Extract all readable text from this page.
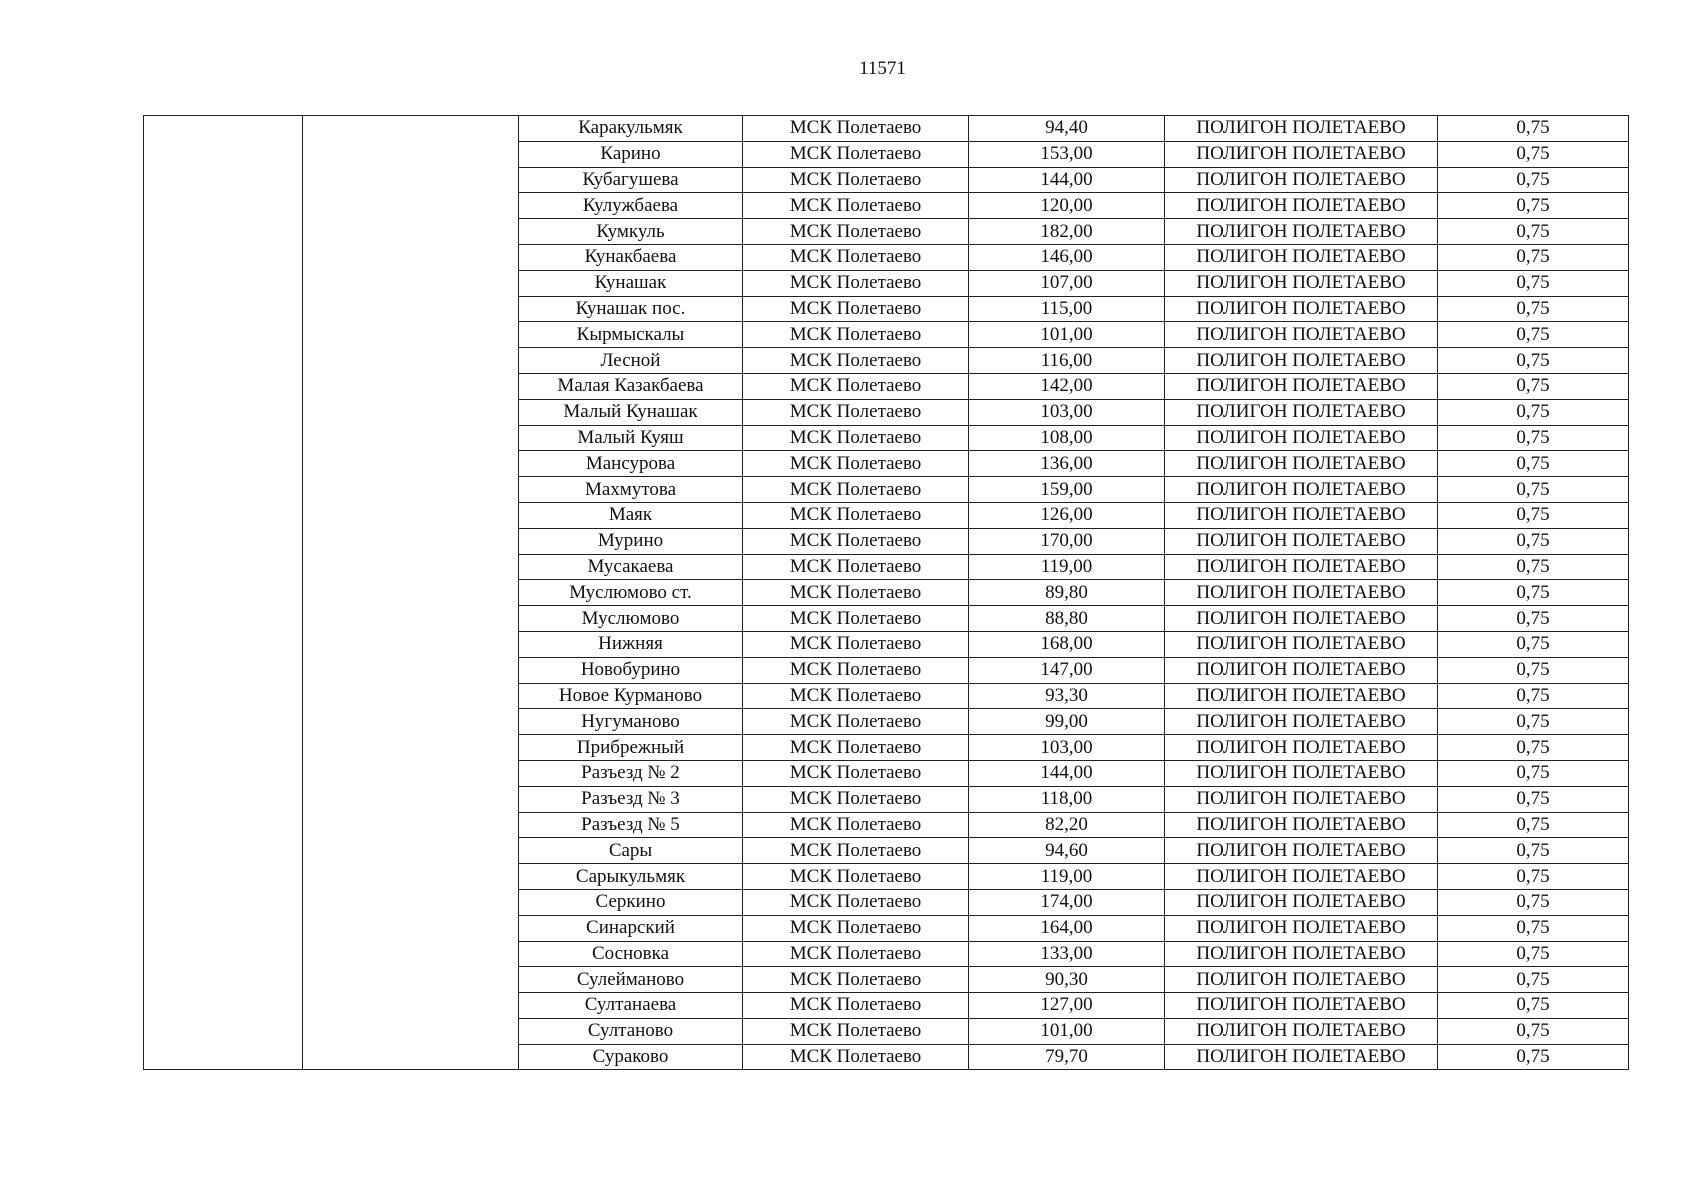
11571
		Каракульмяк	МСК Полетаево	94,40	ПОЛИГОН ПОЛЕТАЕВО	0,75
		Карино	МСК Полетаево	153,00	ПОЛИГОН ПОЛЕТАЕВО	0,75
		Кубагушева	МСК Полетаево	144,00	ПОЛИГОН ПОЛЕТАЕВО	0,75
		Кулужбаева	МСК Полетаево	120,00	ПОЛИГОН ПОЛЕТАЕВО	0,75
		Кумкуль	МСК Полетаево	182,00	ПОЛИГОН ПОЛЕТАЕВО	0,75
		Кунакбаева	МСК Полетаево	146,00	ПОЛИГОН ПОЛЕТАЕВО	0,75
		Кунашак	МСК Полетаево	107,00	ПОЛИГОН ПОЛЕТАЕВО	0,75
		Кунашак пос.	МСК Полетаево	115,00	ПОЛИГОН ПОЛЕТАЕВО	0,75
		Кырмыскалы	МСК Полетаево	101,00	ПОЛИГОН ПОЛЕТАЕВО	0,75
		Лесной	МСК Полетаево	116,00	ПОЛИГОН ПОЛЕТАЕВО	0,75
		Малая Казакбаева	МСК Полетаево	142,00	ПОЛИГОН ПОЛЕТАЕВО	0,75
		Малый Кунашак	МСК Полетаево	103,00	ПОЛИГОН ПОЛЕТАЕВО	0,75
		Малый Куяш	МСК Полетаево	108,00	ПОЛИГОН ПОЛЕТАЕВО	0,75
		Мансурова	МСК Полетаево	136,00	ПОЛИГОН ПОЛЕТАЕВО	0,75
		Махмутова	МСК Полетаево	159,00	ПОЛИГОН ПОЛЕТАЕВО	0,75
		Маяк	МСК Полетаево	126,00	ПОЛИГОН ПОЛЕТАЕВО	0,75
		Мурино	МСК Полетаево	170,00	ПОЛИГОН ПОЛЕТАЕВО	0,75
		Мусакаева	МСК Полетаево	119,00	ПОЛИГОН ПОЛЕТАЕВО	0,75
		Муслюмово ст.	МСК Полетаево	89,80	ПОЛИГОН ПОЛЕТАЕВО	0,75
		Муслюмово	МСК Полетаево	88,80	ПОЛИГОН ПОЛЕТАЕВО	0,75
		Нижняя	МСК Полетаево	168,00	ПОЛИГОН ПОЛЕТАЕВО	0,75
		Новобурино	МСК Полетаево	147,00	ПОЛИГОН ПОЛЕТАЕВО	0,75
		Новое Курманово	МСК Полетаево	93,30	ПОЛИГОН ПОЛЕТАЕВО	0,75
		Нугуманово	МСК Полетаево	99,00	ПОЛИГОН ПОЛЕТАЕВО	0,75
		Прибрежный	МСК Полетаево	103,00	ПОЛИГОН ПОЛЕТАЕВО	0,75
		Разъезд № 2	МСК Полетаево	144,00	ПОЛИГОН ПОЛЕТАЕВО	0,75
		Разъезд № 3	МСК Полетаево	118,00	ПОЛИГОН ПОЛЕТАЕВО	0,75
		Разъезд № 5	МСК Полетаево	82,20	ПОЛИГОН ПОЛЕТАЕВО	0,75
		Сары	МСК Полетаево	94,60	ПОЛИГОН ПОЛЕТАЕВО	0,75
		Сарыкульмяк	МСК Полетаево	119,00	ПОЛИГОН ПОЛЕТАЕВО	0,75
		Серкино	МСК Полетаево	174,00	ПОЛИГОН ПОЛЕТАЕВО	0,75
		Синарский	МСК Полетаево	164,00	ПОЛИГОН ПОЛЕТАЕВО	0,75
		Сосновка	МСК Полетаево	133,00	ПОЛИГОН ПОЛЕТАЕВО	0,75
		Сулейманово	МСК Полетаево	90,30	ПОЛИГОН ПОЛЕТАЕВО	0,75
		Султанаева	МСК Полетаево	127,00	ПОЛИГОН ПОЛЕТАЕВО	0,75
		Султаново	МСК Полетаево	101,00	ПОЛИГОН ПОЛЕТАЕВО	0,75
		Сураково	МСК Полетаево	79,70	ПОЛИГОН ПОЛЕТАЕВО	0,75
